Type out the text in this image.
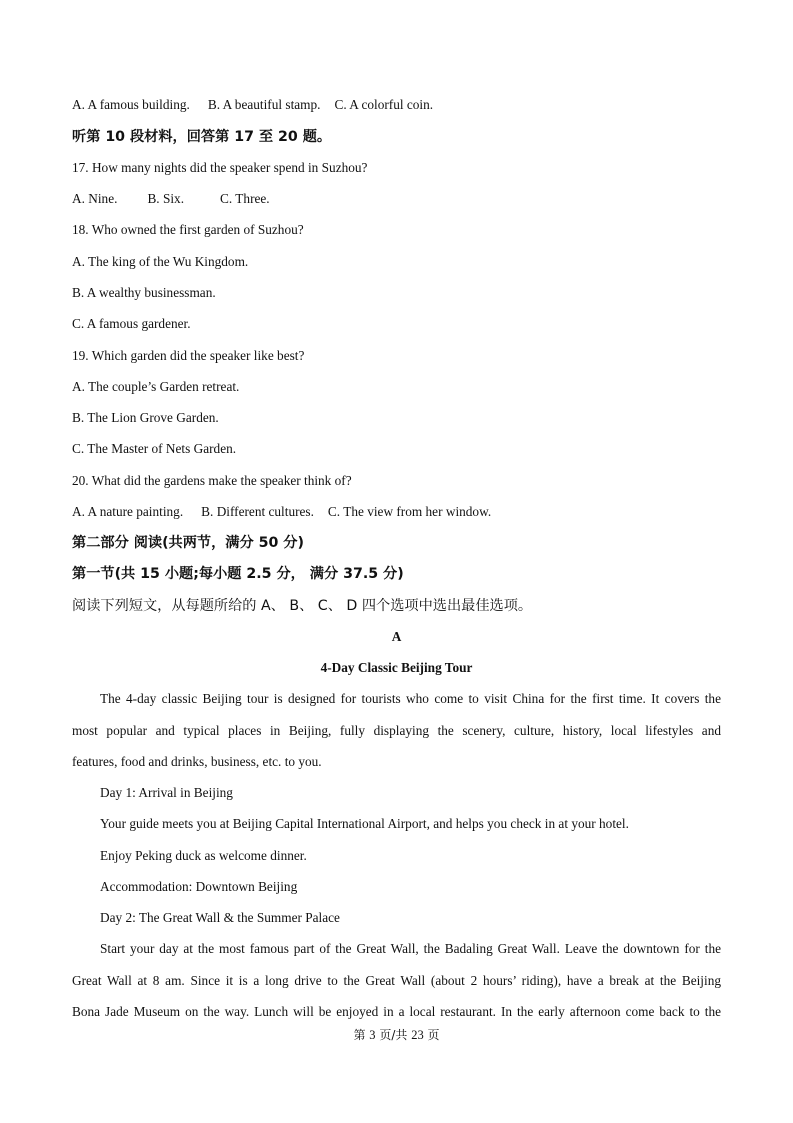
A. A famous building. B. A beautiful stamp. C. A colorful coin.
听第 10 段材料，回答第 17 至 20 题。
17. How many nights did the speaker spend in Suzhou?
A. Nine. B. Six.	C. Three.
18. Who owned the first garden of Suzhou?
A. The king of the Wu Kingdom.
B. A wealthy businessman.
C. A famous gardener.
19. Which garden did the speaker like best?
A. The couple’s Garden retreat.
B. The Lion Grove Garden.
C. The Master of Nets Garden.
20. What did the gardens make the speaker think of?
A. A nature painting. B. Different cultures. C. The view from her window.
第二部分 阅读(共两节，满分 50 分)
第一节(共 15 小题;每小题 2.5 分， 满分 37.5 分)
阅读下列短文，从每题所给的 A、 B、 C、 D 四个选项中选出最佳选项。
A
4-Day Classic Beijing Tour
The 4-day classic Beijing tour is designed for tourists who come to visit China for the first time. It covers the
most popular and typical places in Beijing, fully displaying the scenery, culture, history, local lifestyles and
features, food and drinks, business, etc. to you.
Day 1: Arrival in Beijing
Your guide meets you at Beijing Capital International Airport, and helps you check in at your hotel.
Enjoy Peking duck as welcome dinner.
Accommodation: Downtown Beijing
Day 2: The Great Wall & the Summer Palace
Start your day at the most famous part of the Great Wall, the Badaling Great Wall. Leave the downtown for the
Great Wall at 8 am. Since it is a long drive to the Great Wall (about 2 hours’ riding), have a break at the Beijing
Bona Jade Museum on the way. Lunch will be enjoyed in a local restaurant. In the early afternoon come back to the
第 3 页/共 23 页
